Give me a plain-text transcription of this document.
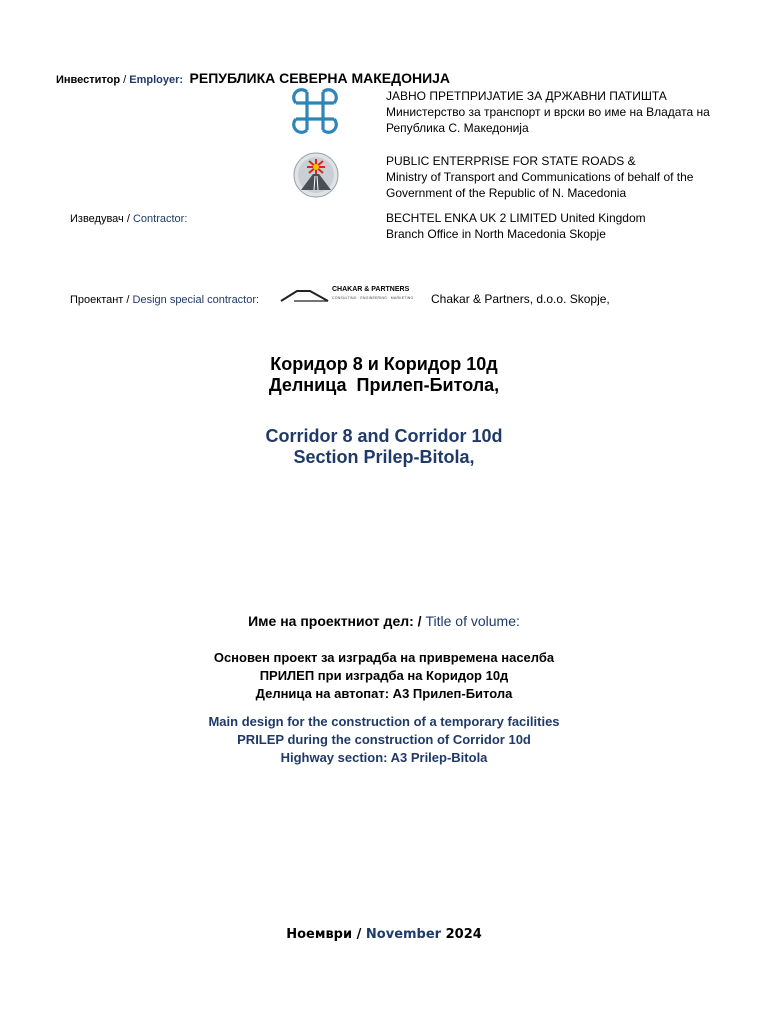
Инвеститор / Employer: РЕПУБЛИКА СЕВЕРНА МАКЕДОНИЈА
ЈАВНО ПРЕТПРИЈАТИЕ ЗА ДРЖАВНИ ПАТИШТА
Министерство за транспорт и врски во име на Владата на
Република С. Македонија
PUBLIC ENTERPRISE FOR STATE ROADS &
Ministry of Transport and Communications of behalf of the
Government of the Republic of N. Macedonia
Изведувач / Contractor:	BECHTEL ENKA UK 2 LIMITED United Kingdom
Branch Office in North Macedonia Skopje
Проектант / Design special contractor:
CHAKAR & PARTNERS
CONSULTING · ENGINEERING · MARKETING Chakar & Partners, d.o.o. Skopje,
Коридор 8 и Коридор 10д
Делница  Прилеп-Битола,
Corridor 8 and Corridor 10d
Section Prilep-Bitola,
Име на проектниот дел: / Title of volume:
Основен проект за изградба на привремена населба
ПРИЛЕП при изградба на Коридор 10д
Делница на автопат: А3 Прилеп-Битола
Main design for the construction of a temporary facilities
PRILEP during the construction of Corridor 10d
Highway section: A3 Prilep-Bitola
Ноември / November 2024
